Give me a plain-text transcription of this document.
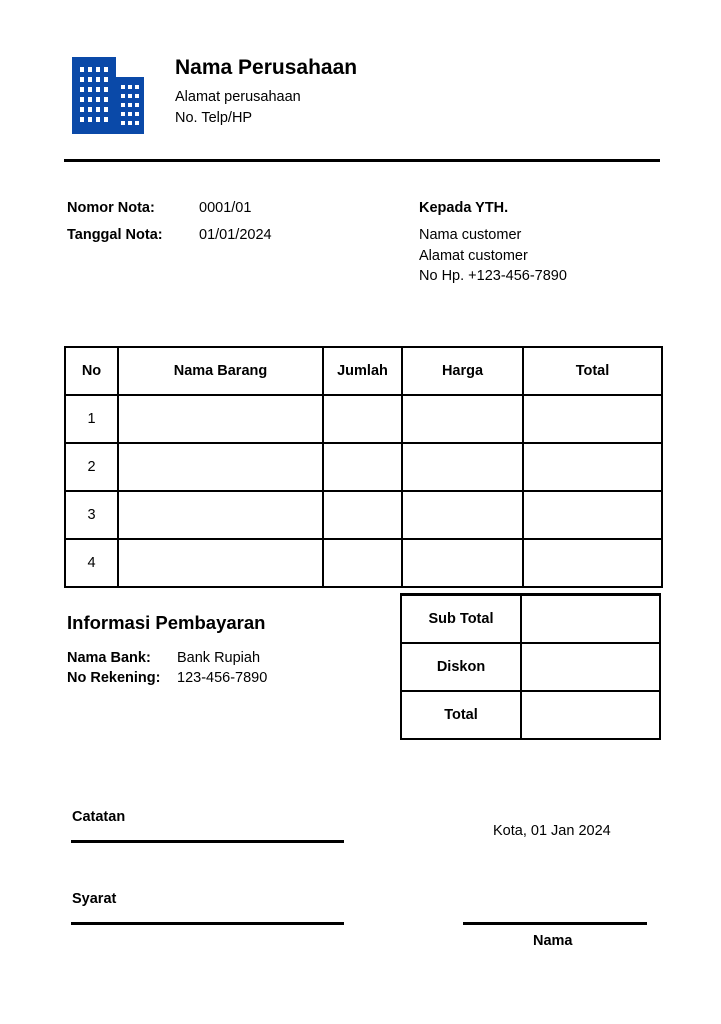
Nama Perusahaan
Alamat perusahaan
No. Telp/HP
Nomor Nota:	0001/01
Tanggal Nota:	01/01/2024
Kepada YTH.
Nama customer
Alamat customer
No Hp. +123-456-7890
No	Nama Barang	Jumlah	Harga	Total
1				
2				
3				
4				
Sub Total	
Diskon	
Total	
Informasi Pembayaran
Nama Bank: Bank Rupiah
No Rekening: 123-456-7890
Catatan
Syarat
Kota, 01 Jan 2024
Nama
